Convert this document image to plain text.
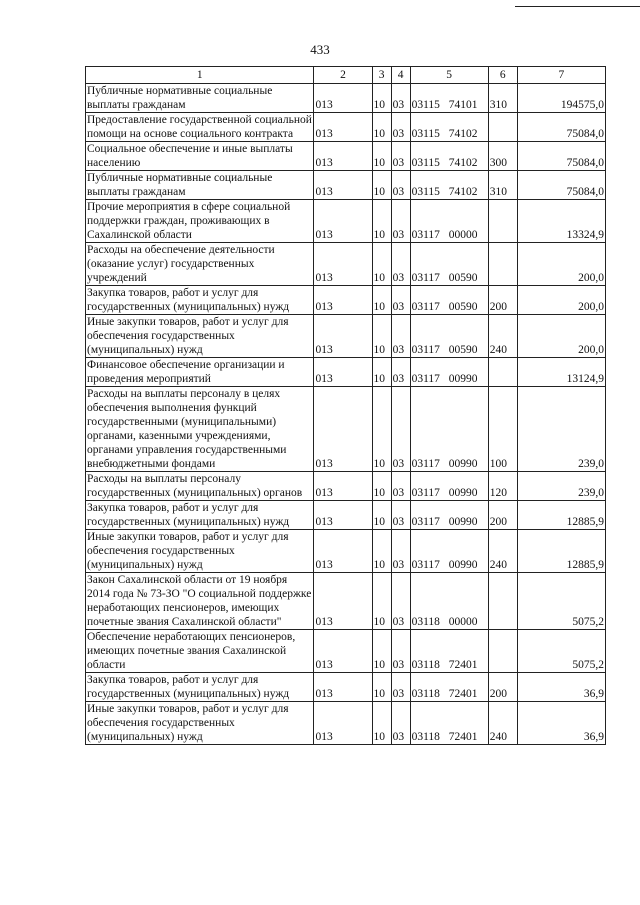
433
1	2	3	4	5	6	7
Публичные нормативные социальные выплаты гражданам	013	10	03	03115 74101	310	194575,0
Предоставление государственной социальной помощи на основе социального контракта	013	10	03	03115 74102		75084,0
Социальное обеспечение и иные выплаты населению	013	10	03	03115 74102	300	75084,0
Публичные нормативные социальные выплаты гражданам	013	10	03	03115 74102	310	75084,0
Прочие мероприятия в сфере социальной поддержки граждан, проживающих в Сахалинской области	013	10	03	03117 00000		13324,9
Расходы на обеспечение деятельности (оказание услуг) государственных учреждений	013	10	03	03117 00590		200,0
Закупка товаров, работ и услуг для государственных (муниципальных) нужд	013	10	03	03117 00590	200	200,0
Иные закупки товаров, работ и услуг для обеспечения государственных (муниципальных) нужд	013	10	03	03117 00590	240	200,0
Финансовое обеспечение организации и проведения мероприятий	013	10	03	03117 00990		13124,9
Расходы на выплаты персоналу в целях обеспечения выполнения функций государственными (муниципальными) органами, казенными учреждениями, органами управления государственными внебюджетными фондами	013	10	03	03117 00990	100	239,0
Расходы на выплаты персоналу государственных (муниципальных) органов	013	10	03	03117 00990	120	239,0
Закупка товаров, работ и услуг для государственных (муниципальных) нужд	013	10	03	03117 00990	200	12885,9
Иные закупки товаров, работ и услуг для обеспечения государственных (муниципальных) нужд	013	10	03	03117 00990	240	12885,9
Закон Сахалинской области от 19 ноября 2014 года № 73-ЗО "О социальной поддержке неработающих пенсионеров, имеющих почетные звания Сахалинской области"	013	10	03	03118 00000		5075,2
Обеспечение неработающих пенсионеров, имеющих почетные звания Сахалинской области	013	10	03	03118 72401		5075,2
Закупка товаров, работ и услуг для государственных (муниципальных) нужд	013	10	03	03118 72401	200	36,9
Иные закупки товаров, работ и услуг для обеспечения государственных (муниципальных) нужд	013	10	03	03118 72401	240	36,9
